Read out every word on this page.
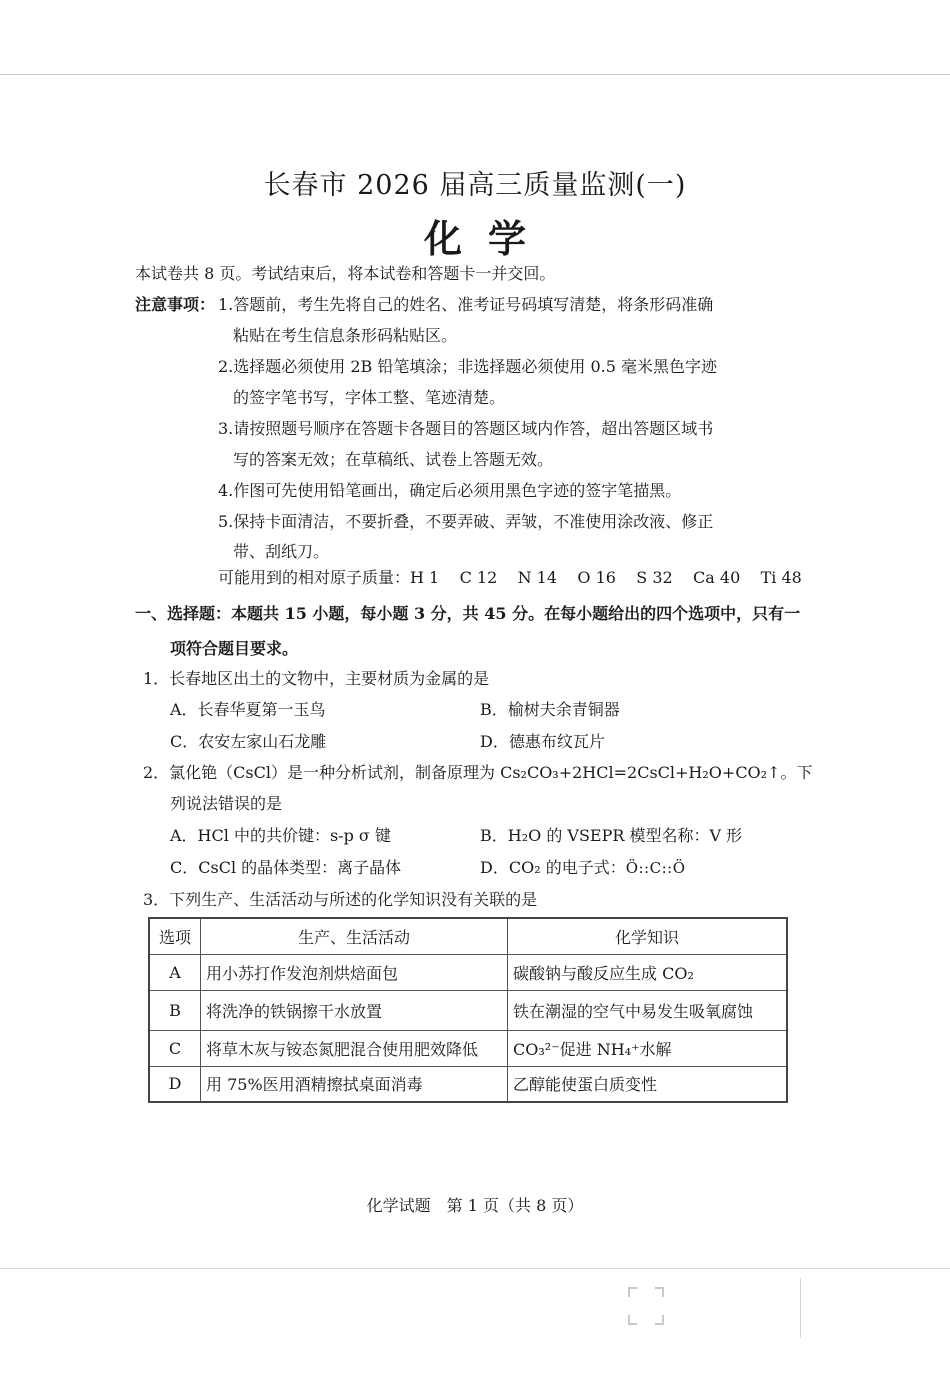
长春市 2026 届高三质量监测(一)
化学
本试卷共 8 页。考试结束后，将本试卷和答题卡一并交回。
注意事项： 1.答题前，考生先将自己的姓名、准考证号码填写清楚，将条形码准确
粘贴在考生信息条形码粘贴区。
2.选择题必须使用 2B 铅笔填涂；非选择题必须使用 0.5 毫米黑色字迹
的签字笔书写，字体工整、笔迹清楚。
3.请按照题号顺序在答题卡各题目的答题区域内作答，超出答题区域书
写的答案无效；在草稿纸、试卷上答题无效。
4.作图可先使用铅笔画出，确定后必须用黑色字迹的签字笔描黑。
5.保持卡面清洁，不要折叠，不要弄破、弄皱，不准使用涂改液、修正
带、刮纸刀。
可能用到的相对原子质量：H 1    C 12    N 14    O 16    S 32    Ca 40    Ti 48
一、选择题：本题共 15 小题，每小题 3 分，共 45 分。在每小题给出的四个选项中，只有一
项符合题目要求。
1．长春地区出土的文物中，主要材质为金属的是
A．长春华夏第一玉鸟	B．榆树夫余青铜器
C．农安左家山石龙雕	D．德惠布纹瓦片
2．氯化铯（CsCl）是一种分析试剂，制备原理为 Cs₂CO₃+2HCl=2CsCl+H₂O+CO₂↑。下
列说法错误的是
A．HCl 中的共价键：s-p σ 键	B．H₂O 的 VSEPR 模型名称：V 形
C．CsCl 的晶体类型：离子晶体	D．CO₂ 的电子式：Ö::C::Ö
3．下列生产、生活活动与所述的化学知识没有关联的是
选项	生产、生活活动	化学知识
A	用小苏打作发泡剂烘焙面包	碳酸钠与酸反应生成 CO₂
B	将洗净的铁锅擦干水放置	铁在潮湿的空气中易发生吸氧腐蚀
C	将草木灰与铵态氮肥混合使用肥效降低	CO₃²⁻促进 NH₄⁺水解
D	用 75%医用酒精擦拭桌面消毒	乙醇能使蛋白质变性
化学试题　第 1 页（共 8 页）
